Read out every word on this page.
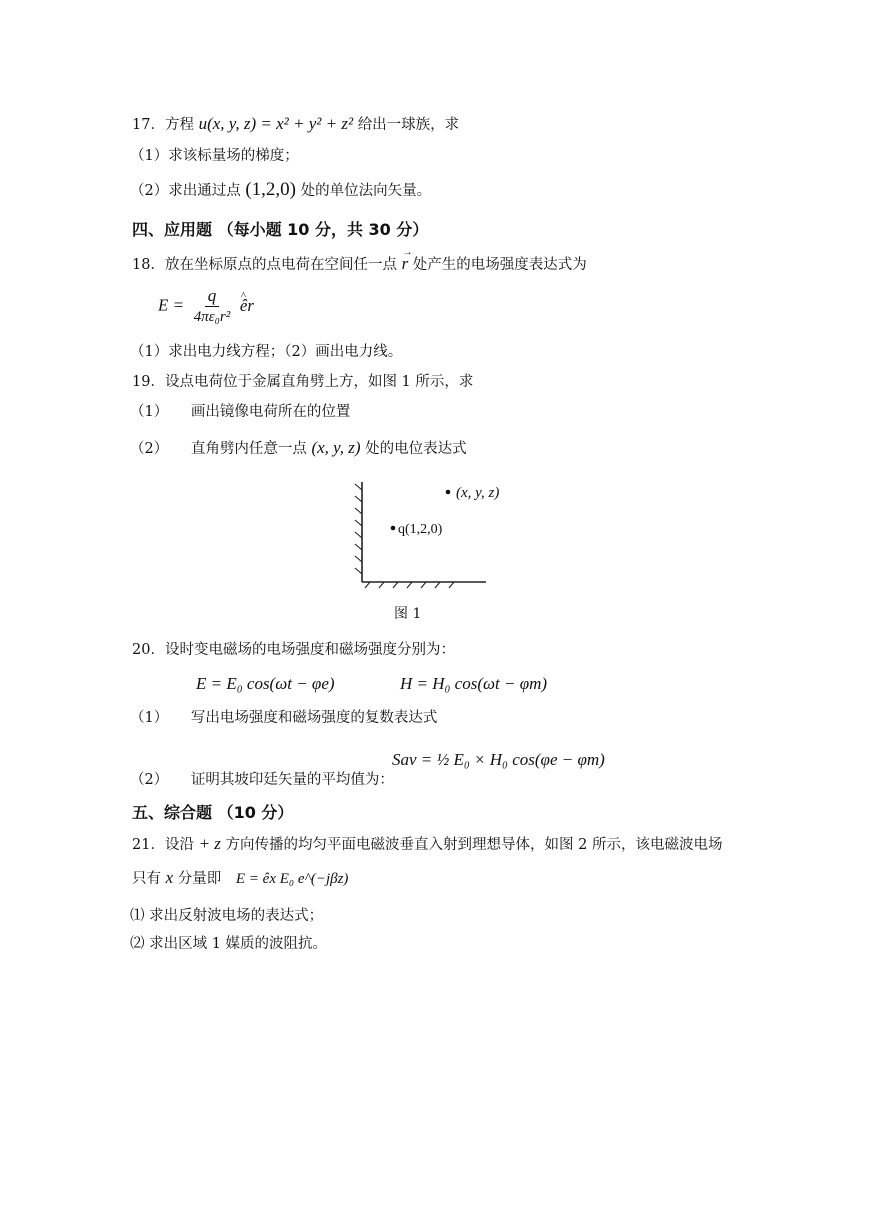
17．方程 u(x, y, z) = x² + y² + z² 给出一球族，求
（1）求该标量场的梯度；
（2）求出通过点 (1,2,0) 处的单位法向矢量。
四、应用题 （每小题 10 分，共 30 分）
18．放在坐标原点的点电荷在空间任一点 → r 处产生的电场强度表达式为
$E = \frac{q}{\text{4πε₀r²}}$ ^ êr
（1）求出电力线方程；（2）画出电力线。
19．设点电荷位于金属直角劈上方，如图 1 所示，求
（1） 画出镜像电荷所在的位置
（2） 直角劈内任意一点 (x, y, z) 处的电位表达式
(x, y, z)
q(1,2,0)
图 1
20．设时变电磁场的电场强度和磁场强度分别为：
E = E₀ cos(ωt − φe)	H = H₀ cos(ωt − φm)
（1） 写出电场强度和磁场强度的复数表达式
（2） 证明其坡印廷矢量的平均值为：
Sav = ½ E₀ × H₀ cos(φe − φm)
五、综合题 （10 分）
21．设沿 + z 方向传播的均匀平面电磁波垂直入射到理想导体，如图 2 所示，该电磁波电场
只有 x 分量即 E = êx E₀ e^(−jβz)
⑴ 求出反射波电场的表达式；
⑵ 求出区域 1 媒质的波阻抗。
